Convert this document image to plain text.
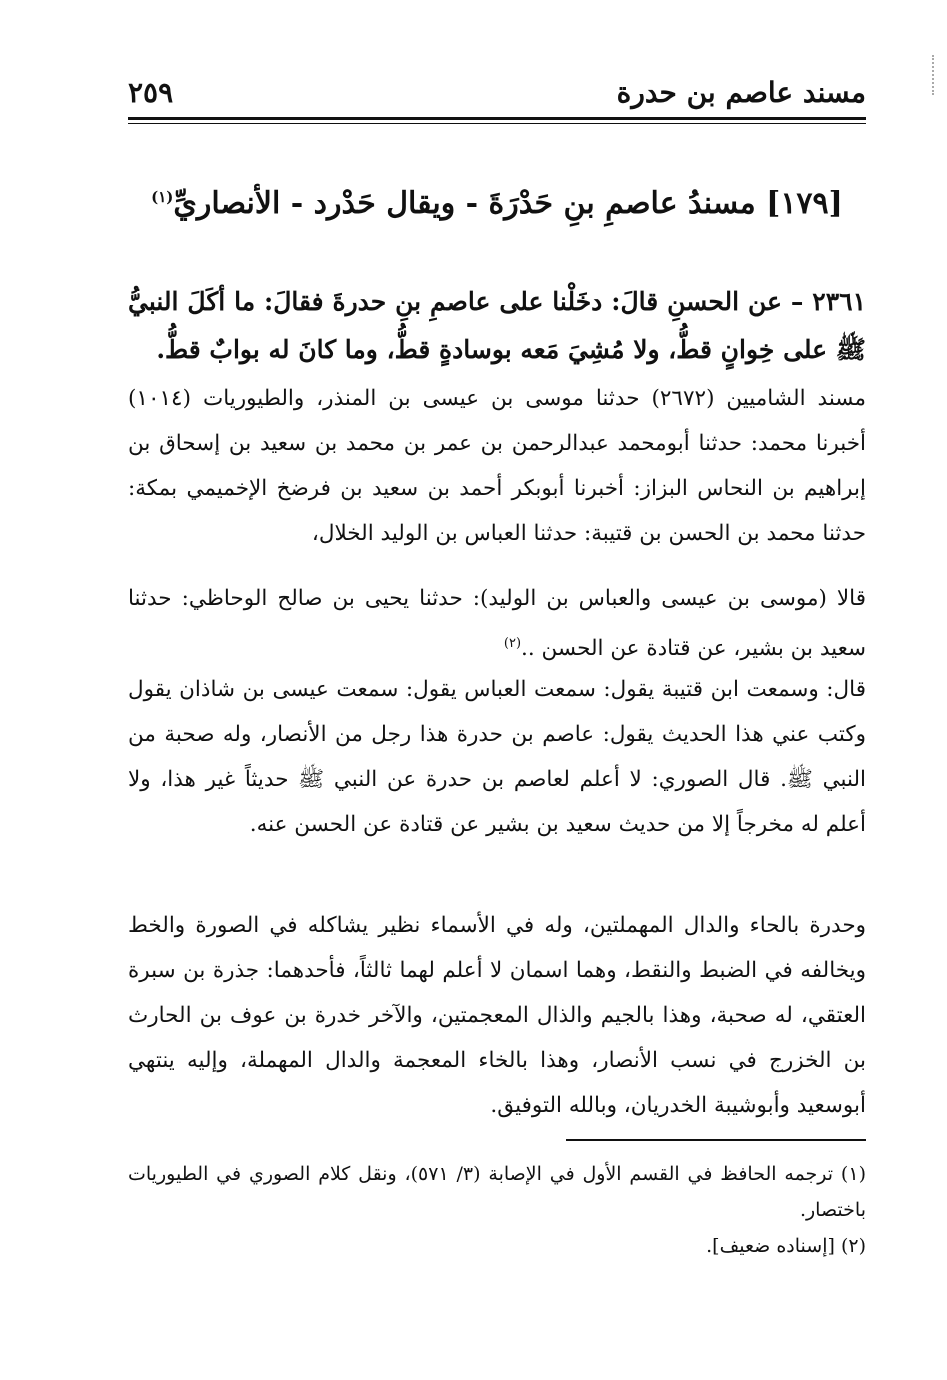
مسند عاصم بن حدرة
٢٥٩
[١٧٩] مسندُ عاصمِ بنِ حَدْرَةَ - ويقال حَدْرد - الأنصاريِّ$^{(١)}$
٢٣٦١ – عن الحسنِ قالَ: دخَلْنا على عاصمِ بنِ حدرةَ فقالَ: ما أكَلَ النبيُّ ﷺ على خِوانٍ قطُّ، ولا مُشِيَ مَعه بوسادةٍ قطُّ، وما كانَ له بوابٌ قطُّ.
مسند الشاميين (٢٦٧٢) حدثنا موسى بن عيسى بن المنذر، والطيوريات (١٠١٤) أخبرنا محمد: حدثنا أبومحمد عبدالرحمن بن عمر بن محمد بن سعيد بن إسحاق بن إبراهيم بن النحاس البزاز: أخبرنا أبوبكر أحمد بن سعيد بن فرضخ الإخميمي بمكة: حدثنا محمد بن الحسن بن قتيبة: حدثنا العباس بن الوليد الخلال،
قالا (موسى بن عيسى والعباس بن الوليد): حدثنا يحيى بن صالح الوحاظي: حدثنا سعيد بن بشير، عن قتادة عن الحسن ..$^{(٢)}$
قال: وسمعت ابن قتيبة يقول: سمعت العباس يقول: سمعت عيسى بن شاذان يقول وكتب عني هذا الحديث يقول: عاصم بن حدرة هذا رجل من الأنصار، وله صحبة من النبي ﷺ. قال الصوري: لا أعلم لعاصم بن حدرة عن النبي ﷺ حديثاً غير هذا، ولا أعلم له مخرجاً إلا من حديث سعيد بن بشير عن قتادة عن الحسن عنه.
وحدرة بالحاء والدال المهملتين، وله في الأسماء نظير يشاكله في الصورة والخط ويخالفه في الضبط والنقط، وهما اسمان لا أعلم لهما ثالثاً، فأحدهما: جذرة بن سبرة العتقي، له صحبة، وهذا بالجيم والذال المعجمتين، والآخر خدرة بن عوف بن الحارث بن الخزرج في نسب الأنصار، وهذا بالخاء المعجمة والدال المهملة، وإليه ينتهي أبوسعيد وأبوشيبة الخدريان، وبالله التوفيق.

(١) ترجمه الحافظ في القسم الأول في الإصابة (٣/ ٥٧١)، ونقل كلام الصوري في الطيوريات باختصار.

(٢) [إسناده ضعيف].
